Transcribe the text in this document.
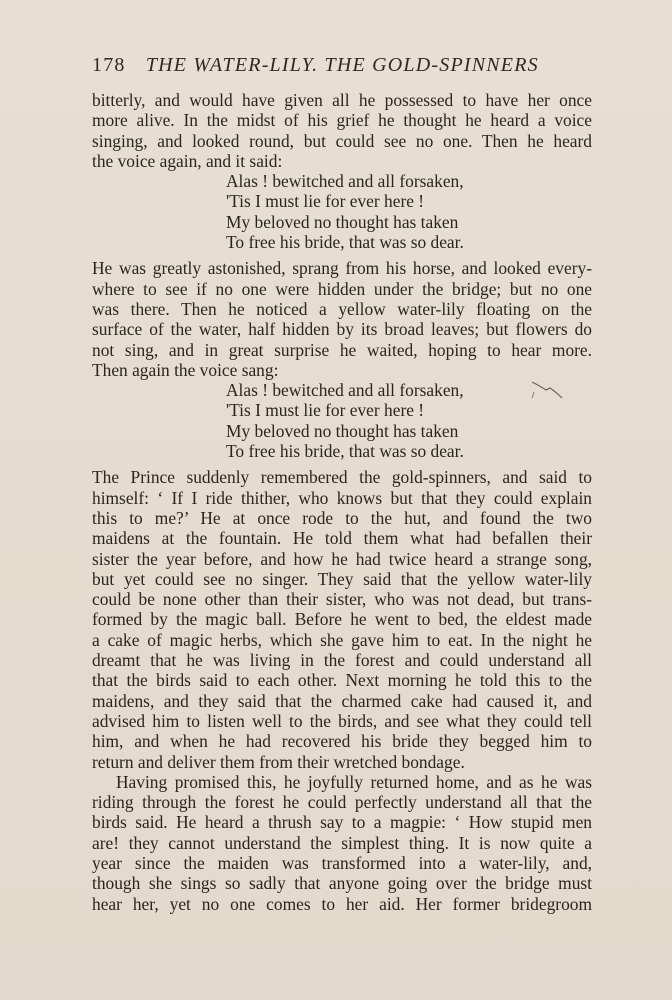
178 THE WATER-LILY. THE GOLD-SPINNERS
bitterly, and would have given all he possessed to have her once
more alive. In the midst of his grief he thought he heard a voice
singing, and looked round, but could see no one. Then he heard
the voice again, and it said:
Alas ! bewitched and all forsaken,
'Tis I must lie for ever here !
My beloved no thought has taken
To free his bride, that was so dear.
He was greatly astonished, sprang from his horse, and looked every-
where to see if no one were hidden under the bridge; but no one
was there. Then he noticed a yellow water-lily floating on the
surface of the water, half hidden by its broad leaves; but flowers do
not sing, and in great surprise he waited, hoping to hear more.
Then again the voice sang:
Alas ! bewitched and all forsaken,
'Tis I must lie for ever here !
My beloved no thought has taken
To free his bride, that was so dear.
The Prince suddenly remembered the gold-spinners, and said to
himself: ‘ If I ride thither, who knows but that they could explain
this to me?’ He at once rode to the hut, and found the two
maidens at the fountain. He told them what had befallen their
sister the year before, and how he had twice heard a strange song,
but yet could see no singer. They said that the yellow water-lily
could be none other than their sister, who was not dead, but trans-
formed by the magic ball. Before he went to bed, the eldest made
a cake of magic herbs, which she gave him to eat. In the night he
dreamt that he was living in the forest and could understand all
that the birds said to each other. Next morning he told this to the
maidens, and they said that the charmed cake had caused it, and
advised him to listen well to the birds, and see what they could tell
him, and when he had recovered his bride they begged him to
return and deliver them from their wretched bondage.
Having promised this, he joyfully returned home, and as he was
riding through the forest he could perfectly understand all that the
birds said. He heard a thrush say to a magpie: ‘ How stupid men
are! they cannot understand the simplest thing. It is now quite a
year since the maiden was transformed into a water-lily, and,
though she sings so sadly that anyone going over the bridge must
hear her, yet no one comes to her aid. Her former bridegroom
